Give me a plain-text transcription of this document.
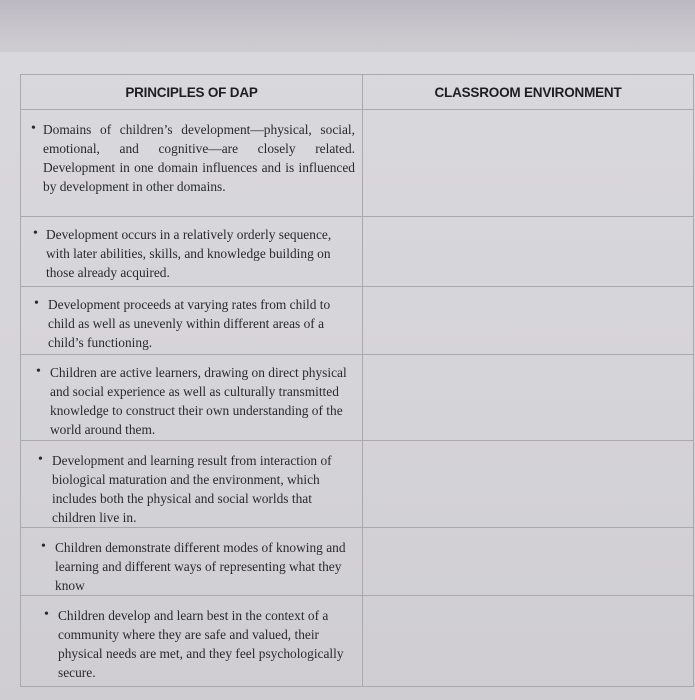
PRINCIPLES OF DAP	CLASSROOM ENVIRONMENT

• Domains of children’s development—physical, social, emotional, and cognitive—are closely related. Development in one domain influences and is influenced by development in other domains.	

• Development occurs in a relatively orderly sequence, with later abilities, skills, and knowledge building on those already acquired.	

• Development proceeds at varying rates from child to child as well as unevenly within different areas of a child’s functioning.	

• Children are active learners, drawing on direct physical and social experience as well as culturally transmitted knowledge to construct their own understanding of the world around them.	

• Development and learning result from interaction of biological maturation and the environment, which includes both the physical and social worlds that children live in.	

• Children demonstrate different modes of knowing and learning and different ways of representing what they know	

• Children develop and learn best in the context of a community where they are safe and valued, their physical needs are met, and they feel psychologically secure.	
